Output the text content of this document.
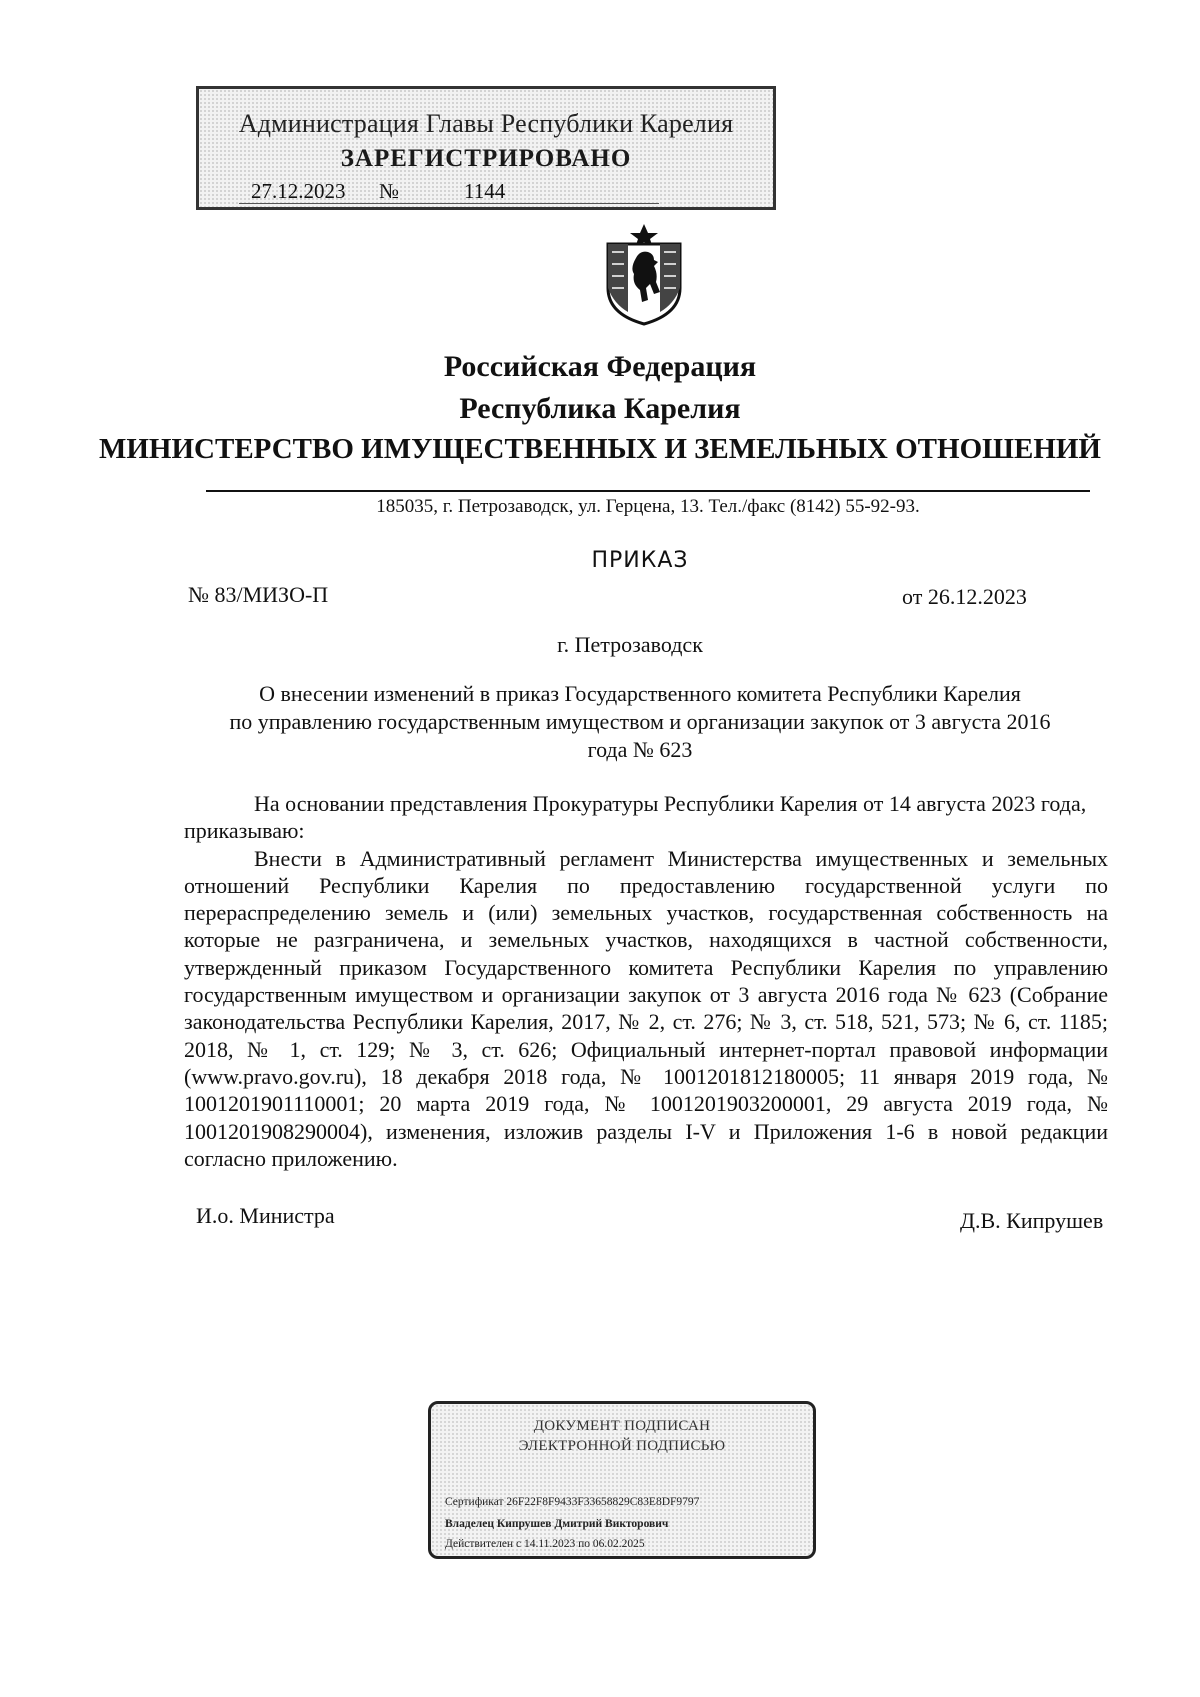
Администрация Главы Республики Карелия
ЗАРЕГИСТРИРОВАНО
27.12.2023 №	1144
Российская Федерация
Республика Карелия
МИНИСТЕРСТВО ИМУЩЕСТВЕННЫХ И ЗЕМЕЛЬНЫХ ОТНОШЕНИЙ
185035, г. Петрозаводск, ул. Герцена, 13. Тел./факс (8142) 55-92-93.
ПРИКАЗ
№ 83/МИЗО-П	от 26.12.2023
г. Петрозаводск
О внесении изменений в приказ Государственного комитета Республики Карелия
по управлению государственным имуществом и организации закупок от 3 августа 2016
года № 623
На основании представления Прокуратуры Республики Карелия от 14 августа 2023 года, приказываю:
Внести в Административный регламент Министерства имущественных и земельных отношений Республики Карелия по предоставлению государственной услуги по перераспределению земель и (или) земельных участков, государственная собственность на которые не разграничена, и земельных участков, находящихся в частной собственности, утвержденный приказом Государственного комитета Республики Карелия по управлению государственным имуществом и организации закупок от 3 августа 2016 года № 623 (Собрание законодательства Республики Карелия, 2017, № 2, ст. 276; № 3, ст. 518, 521, 573; № 6, ст. 1185; 2018, № 1, ст. 129; № 3, ст. 626; Официальный интернет-портал правовой информации (www.pravo.gov.ru), 18 декабря 2018 года, № 1001201812180005; 11 января 2019 года, № 1001201901110001; 20 марта 2019 года, № 1001201903200001, 29 августа 2019 года, № 1001201908290004), изменения, изложив разделы I-V и Приложения 1-6 в новой редакции согласно приложению.
И.о. Министра	Д.В. Кипрушев
ДОКУМЕНТ ПОДПИСАН
ЭЛЕКТРОННОЙ ПОДПИСЬЮ
Сертификат 26F22F8F9433F33658829C83E8DF9797
Владелец Кипрушев Дмитрий Викторович
Действителен с 14.11.2023 по 06.02.2025
